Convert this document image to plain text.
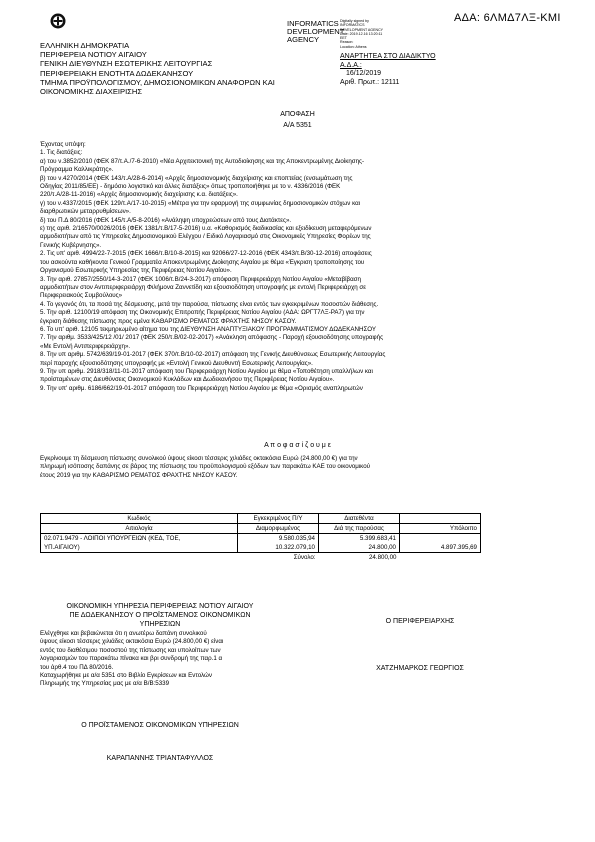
ΑΔΑ: 6ΛΜΔ7ΛΞ-ΚΜΙ
ΕΛΛΗΝΙΚΗ ΔΗΜΟΚΡΑΤΙΑ
ΠΕΡΙΦΕΡΕΙΑ ΝΟΤΙΟΥ ΑΙΓΑΙΟΥ
ΓΕΝΙΚΗ ΔΙΕΥΘΥΝΣΗ ΕΣΩΤΕΡΙΚΗΣ ΛΕΙΤΟΥΡΓΙΑΣ
ΠΕΡΙΦΕΡΕΙΑΚΗ ΕΝΟΤΗΤΑ ΔΩΔΕΚΑΝΗΣΟΥ
ΤΜΗΜΑ ΠΡΟΫΠΟΛΟΓΙΣΜΟΥ, ΔΗΜΟΣΙΟΝΟΜΙΚΩΝ ΑΝΑΦΟΡΩΝ ΚΑΙ
ΟΙΚΟΝΟΜΙΚΗΣ ΔΙΑΧΕΙΡΙΣΗΣ
INFORMATICS
DEVELOPMENT
AGENCY
Digitally signed by
INFORMATICS
DEVELOPMENT AGENCY
Date: 2019.12.16 13:20:11
EET
Reason:
Location: Athens
ΑΝΑΡΤΗΤΕΑ ΣΤΟ ΔΙΑΔΙΚΤΥΟ
Α.Δ.Α.:
16/12/2019
Αριθ. Πρωτ.: 12111
ΑΠΟΦΑΣΗ
Α/Α 5351
Έχοντας υπόψη:
1. Τις διατάξεις:
α) του ν.3852/2010 (ΦΕΚ 87/τ.Α./7-6-2010) «Νέα Αρχιτεκτονική της Αυτοδιοίκησης και της Αποκεντρωμένης Διοίκησης-
Πρόγραμμα Καλλικράτης».
β) του ν.4270/2014 (ΦΕΚ 143/τ.Α/28-6-2014) «Αρχές δημοσιονομικής διαχείρισης και εποπτείας (ενσωμάτωση της
Οδηγίας 2011/85/ΕΕ) - δημόσιο λογιστικό και άλλες διατάξεις» όπως τροποποιήθηκε με το ν. 4336/2016 (ΦΕΚ
220/τ.Α/28-11-2016) «Αρχές δημοσιονομικής διαχείρισης κ.α. διατάξεις».
γ) του ν.4337/2015 (ΦΕΚ 129/τ.Α/17-10-2015) «Μέτρα για την εφαρμογή της συμφωνίας δημοσιονομικών στόχων και
διαρθρωτικών μεταρρυθμίσεων».
δ) του Π.Δ 80/2016 (ΦΕΚ 145/τ.Α/5-8-2016) «Ανάληψη υποχρεώσεων από τους Διατάκτες».
ε) της αριθ. 2/16570/0026/2016 (ΦΕΚ 1381/τ.Β/17-5-2016) υ.α. «Καθορισμός διαδικασίας και εξειδίκευση μεταφερόμενων
αρμοδιοτήτων από τις Υπηρεσίες Δημοσιονομικού Ελέγχου / Ειδικό Λογαριασμό στις Οικονομικές Υπηρεσίες Φορέων της
Γενικής Κυβέρνησης».
2. Τις υπ' αριθ. 4994/22-7-2015 (ΦΕΚ 1666/τ.Β/10-8-2015) και 92066/27-12-2016 (ΦΕΚ 4343/τ.Β/30-12-2016) αποφάσεις
του ασκούντα καθήκοντα Γενικού Γραμματέα Αποκεντρωμένης Διοίκησης Αιγαίου με θέμα «Έγκριση τροποποίησης του
Οργανισμού Εσωτερικής Υπηρεσίας της Περιφέρειας Νοτίου Αιγαίου».
3. Την αριθ. 27857/2550/14-3-2017 (ΦΕΚ 1006/τ.Β/24-3-2017) απόφαση Περιφερειάρχη Νοτίου Αιγαίου «Μεταβίβαση
αρμοδιοτήτων στον Αντιπεριφερειάρχη Φιλήμονα Ζαννετίδη και εξουσιοδότηση υπογραφής με εντολή Περιφερειάρχη σε
Περιφερειακούς Συμβούλους»
4. Το γεγονός ότι, τα ποσά της δέσμευσης, μετά την παρούσα, πίστωσης είναι εντός των εγκεκριμένων ποσοστών διάθεσης.
5. Την αριθ. 12100/19 απόφαση της Οικονομικής Επιτροπής Περιφέρειας Νοτίου Αιγαίου (ΑΔΑ: ΩΡΓΤ7ΛΞ-ΡΑ7) για την
έγκριση διάθεσης πίστωσης προς εμένα ΚΑΘΑΡΙΣΜΟ ΡΕΜΑΤΟΣ ΦΡΑΧΤΗΣ ΝΗΣΟΥ ΚΑΣΟΥ.
6. Το υπ' αριθ. 12105 τεκμηριωμένο αίτημα του της ΔΙΕΥΘΥΝΣΗ ΑΝΑΠΤΥΞΙΑΚΟΥ ΠΡΟΓΡΑΜΜΑΤΙΣΜΟΥ ΔΩΔΕΚΑΝΗΣΟΥ
7. Την αριθμ. 3533/425/12 /01/ 2017 (ΦΕΚ 250/τ.Β/02-02-2017) «Ανάκληση απόφασης - Παροχή εξουσιοδότησης υπογραφής
«Με Εντολή Αντιπεριφερειάρχη».
8. Την υπ αριθμ. 5742/639/19-01-2017 (ΦΕΚ 370/τ.Β/10-02-2017) απόφαση της Γενικής Διευθύνσεως Εσωτερικής Λειτουργίας
περί παροχής εξουσιοδότησης υπογραφής με «Εντολή Γενικού Διευθυντή Εσωτερικής Λειτουργίας».
9. Την υπ αριθμ. 2918/318/11-01-2017 απόφαση του Περιφερειάρχη Νοτίου Αιγαίου με θέμα «Τοποθέτηση υπαλλήλων και
προϊσταμένων στις Διευθύνσεις Οικονομικού Κυκλάδων και Δωδεκανήσου της Περιφέρειας Νοτίου Αιγαίου».
9. Την υπ' αριθμ. 6186/662/19-01-2017 απόφαση του Περιφερειάρχη Νοτίου Αιγαίου με θέμα «Ορισμός αναπληρωτών
Α π ο φ α σ ί ζ ο υ μ ε
Εγκρίνουμε τη δέσμευση πίστωσης συνολικού ύψους είκοσι τέσσερις χιλιάδες οκτακόσια Ευρώ (24.800,00 €) για την
πληρωμή ισόποσης δαπάνης σε βάρος της πίστωσης του προϋπολογισμού εξόδων των παρακάτω ΚΑΕ του οικονομικού
έτους 2019 για την ΚΑΘΑΡΙΣΜΟ ΡΕΜΑΤΟΣ ΦΡΑΧΤΗΣ ΝΗΣΟΥ ΚΑΣΟΥ.
Κωδικός	Εγκεκριμένος Π/Υ	Διατεθέντα	
Αιτιολογία	Διαμορφωμένος	Διά της παρούσας	Υπόλοιπο
02.071.9479 - ΛΟΙΠΟΙ ΥΠΟΥΡΓΕΙΩΝ (ΚΕΔ, ΤΟΕ,	9.580.035,94	5.399.683,41	
ΥΠ.ΑΙΓΑΙΟΥ)	10.322.079,10	24.800,00	4.897.395,69
	Σύνολο:	24.800,00	
ΟΙΚΟΝΟΜΙΚΗ ΥΠΗΡΕΣΙΑ ΠΕΡΙΦΕΡΕΙΑΣ ΝΟΤΙΟΥ ΑΙΓΑΙΟΥ
ΠΕ ΔΩΔΕΚΑΝΗΣΟΥ Ο ΠΡΟΪΣΤΑΜΕΝΟΣ ΟΙΚΟΝΟΜΙΚΩΝ
ΥΠΗΡΕΣΙΩΝ
Ελέγχθηκε και βεβαιώνεται ότι η ανωτέρω δαπάνη συνολικού
ύψους είκοσι τέσσερις χιλιάδες οκτακόσια Ευρώ (24.800,00 €) είναι
εντός του διαθέσιμου ποσοστού της πίστωσης και υπολοίπων των
λογαριασμών του παρακάτω πίνακα και βρι συνδρομή της παρ.1 α
του άρθ.4 του ΠΔ 80/2016.
Καταχωρήθηκε με α/α 5351 στο Βιβλίο Εγκρίσεων και Εντολών
Πληρωμής της Υπηρεσίας μας με α/α Β/Β:5339
Ο ΠΡΟΪΣΤΑΜΕΝΟΣ ΟΙΚΟΝΟΜΙΚΩΝ ΥΠΗΡΕΣΙΩΝ
ΚΑΡΑΠΑΝΝΗΣ ΤΡΙΑΝΤΑΦΥΛΛΟΣ
Ο ΠΕΡΙΦΕΡΕΙΑΡΧΗΣ
ΧΑΤΖΗΜΑΡΚΟΣ ΓΕΩΡΓΙΟΣ
